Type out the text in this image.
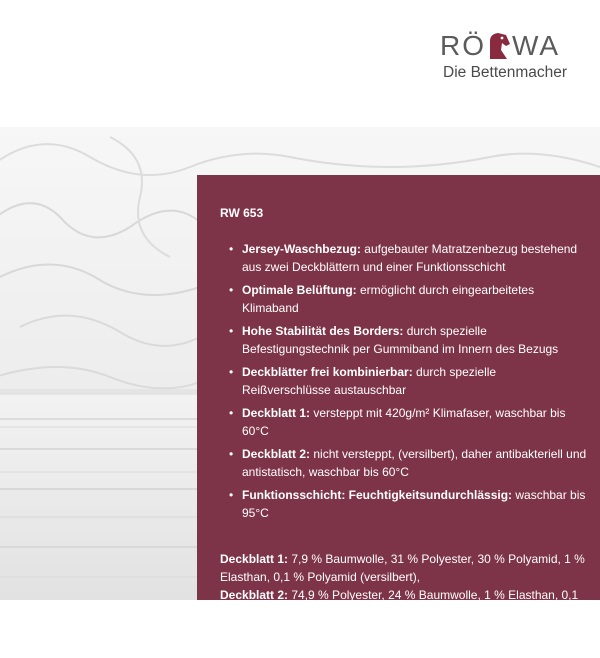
RÖ WA
Die Bettenmacher

RW 653

• Jersey-Waschbezug: aufgebauter Matratzenbezug bestehend aus zwei Deckblättern und einer Funktionsschicht
• Optimale Belüftung: ermöglicht durch eingearbeitetes Klimaband
• Hohe Stabilität des Borders: durch spezielle Befestigungstechnik per Gummiband im Innern des Bezugs
• Deckblätter frei kombinierbar: durch spezielle Reißverschlüsse austauschbar
• Deckblatt 1: versteppt mit 420g/m² Klimafaser, waschbar bis 60°C
• Deckblatt 2: nicht versteppt, (versilbert), daher antibakteriell und antistatisch, waschbar bis 60°C
• Funktionsschicht: Feuchtigkeitsundurchlässig: waschbar bis 95°C
Deckblatt 1: 7,9 % Baumwolle, 31 % Polyester, 30 % Polyamid, 1 % Elasthan, 0,1 % Polyamid (versilbert),
Deckblatt 2: 74,9 % Polyester, 24 % Baumwolle, 1 % Elasthan, 0,1 % Polyamid (versilbert)
Funktionsschicht: 100 % Polyester, 100 % Polyurethanbeschichtung
